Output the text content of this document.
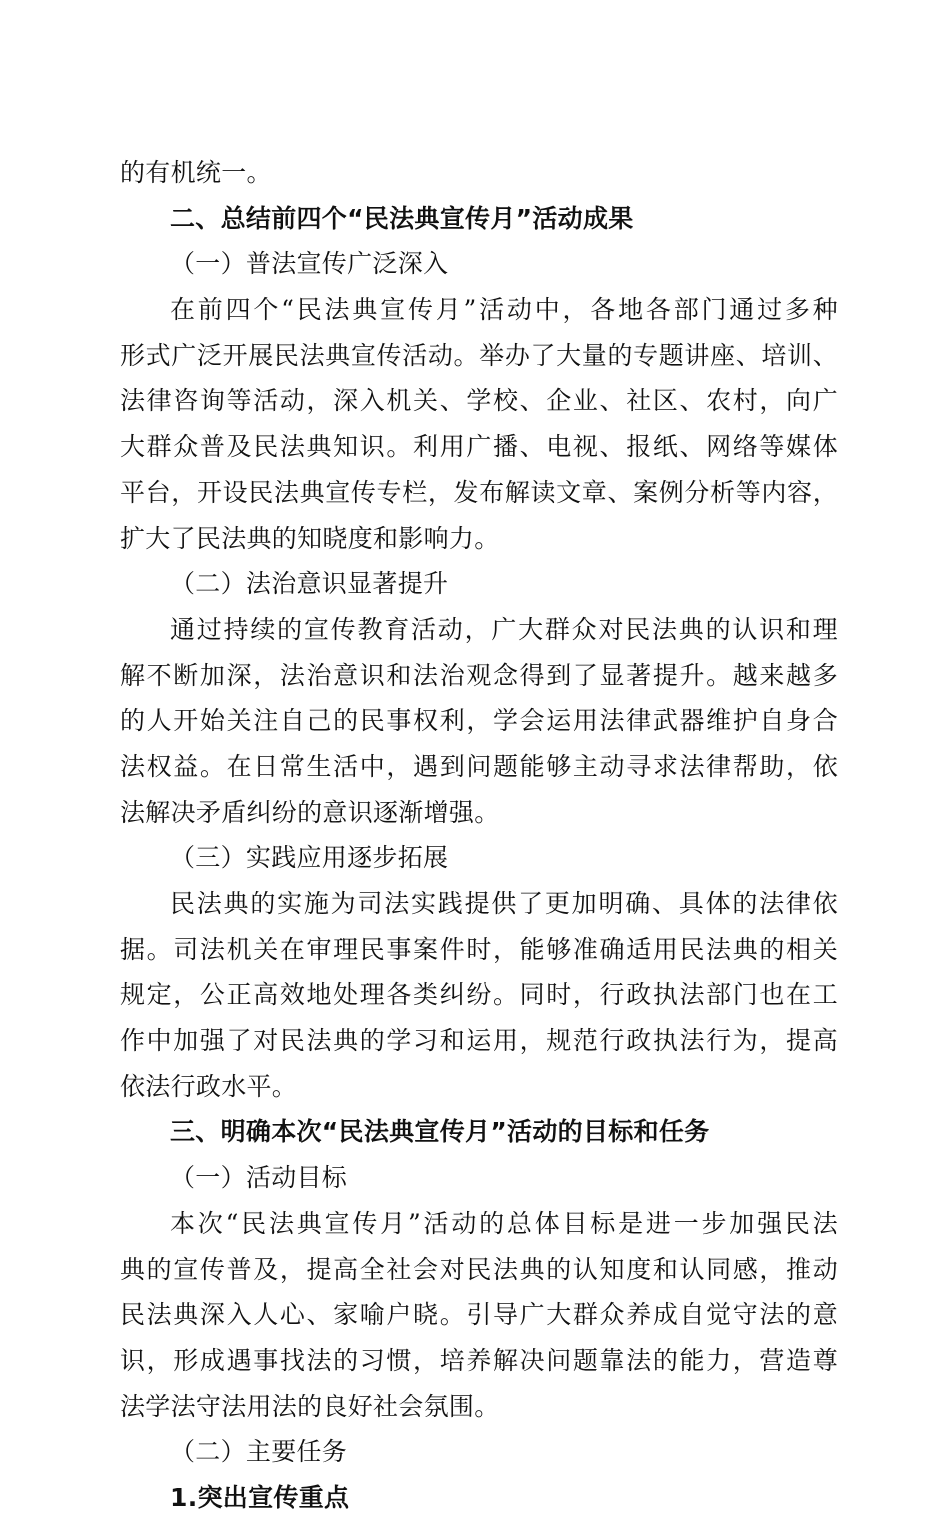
的有机统一。
二、总结前四个“民法典宣传月”活动成果
（一）普法宣传广泛深入
在前四个“民法典宣传月”活动中，各地各部门通过多种
形式广泛开展民法典宣传活动。举办了大量的专题讲座、培训、
法律咨询等活动，深入机关、学校、企业、社区、农村，向广
大群众普及民法典知识。利用广播、电视、报纸、网络等媒体
平台，开设民法典宣传专栏，发布解读文章、案例分析等内容，
扩大了民法典的知晓度和影响力。
（二）法治意识显著提升
通过持续的宣传教育活动，广大群众对民法典的认识和理
解不断加深，法治意识和法治观念得到了显著提升。越来越多
的人开始关注自己的民事权利，学会运用法律武器维护自身合
法权益。在日常生活中，遇到问题能够主动寻求法律帮助，依
法解决矛盾纠纷的意识逐渐增强。
（三）实践应用逐步拓展
民法典的实施为司法实践提供了更加明确、具体的法律依
据。司法机关在审理民事案件时，能够准确适用民法典的相关
规定，公正高效地处理各类纠纷。同时，行政执法部门也在工
作中加强了对民法典的学习和运用，规范行政执法行为，提高
依法行政水平。
三、明确本次“民法典宣传月”活动的目标和任务
（一）活动目标
本次“民法典宣传月”活动的总体目标是进一步加强民法
典的宣传普及，提高全社会对民法典的认知度和认同感，推动
民法典深入人心、家喻户晓。引导广大群众养成自觉守法的意
识，形成遇事找法的习惯，培养解决问题靠法的能力，营造尊
法学法守法用法的良好社会氛围。
（二）主要任务
1.突出宣传重点
